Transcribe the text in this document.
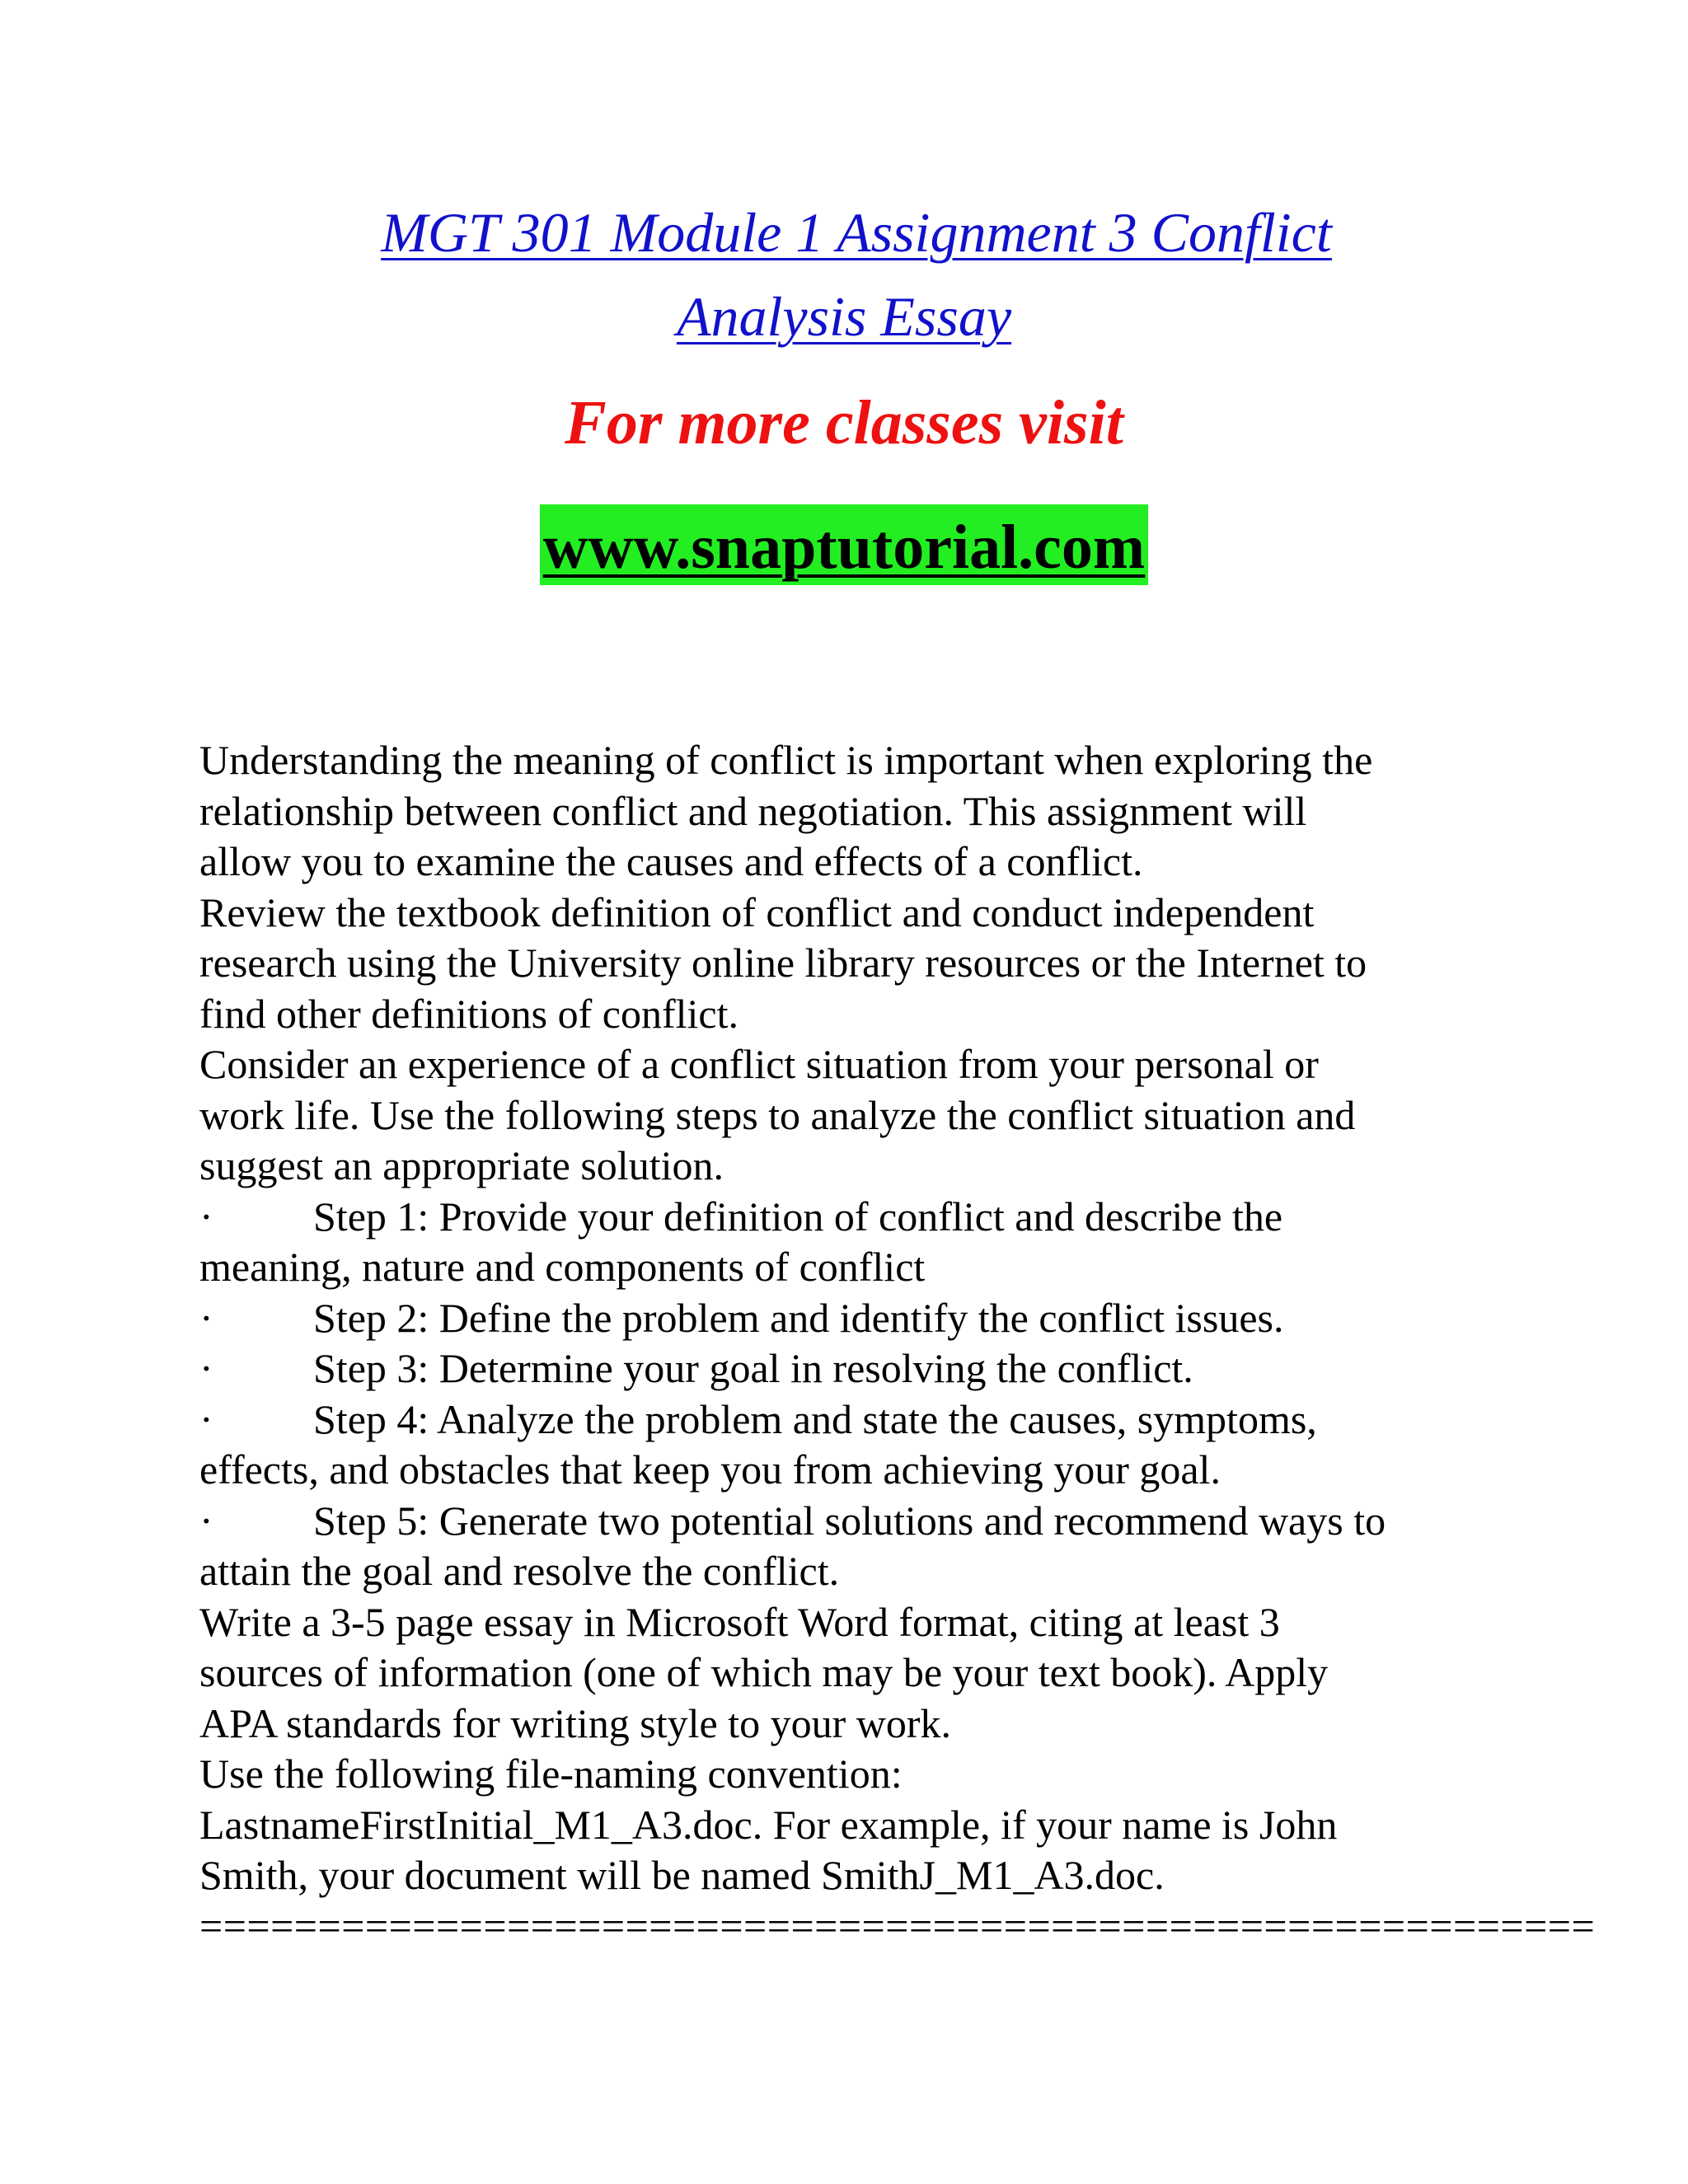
MGT 301 Module 1 Assignment 3 Conflict
Analysis Essay
For more classes visit
www.snaptutorial.com
Understanding the meaning of conflict is important when exploring the
relationship between conflict and negotiation. This assignment will
allow you to examine the causes and effects of a conflict.
Review the textbook definition of conflict and conduct independent
research using the University online library resources or the Internet to
find other definitions of conflict.
Consider an experience of a conflict situation from your personal or
work life. Use the following steps to analyze the conflict situation and
suggest an appropriate solution.
· Step 1: Provide your definition of conflict and describe the
meaning, nature and components of conflict
· Step 2: Define the problem and identify the conflict issues.
· Step 3: Determine your goal in resolving the conflict.
· Step 4: Analyze the problem and state the causes, symptoms,
effects, and obstacles that keep you from achieving your goal.
· Step 5: Generate two potential solutions and recommend ways to
attain the goal and resolve the conflict.
Write a 3-5 page essay in Microsoft Word format, citing at least 3
sources of information (one of which may be your text book). Apply
APA standards for writing style to your work.
Use the following file-naming convention:
LastnameFirstInitial_M1_A3.doc. For example, if your name is John
Smith, your document will be named SmithJ_M1_A3.doc.
===========================================================
